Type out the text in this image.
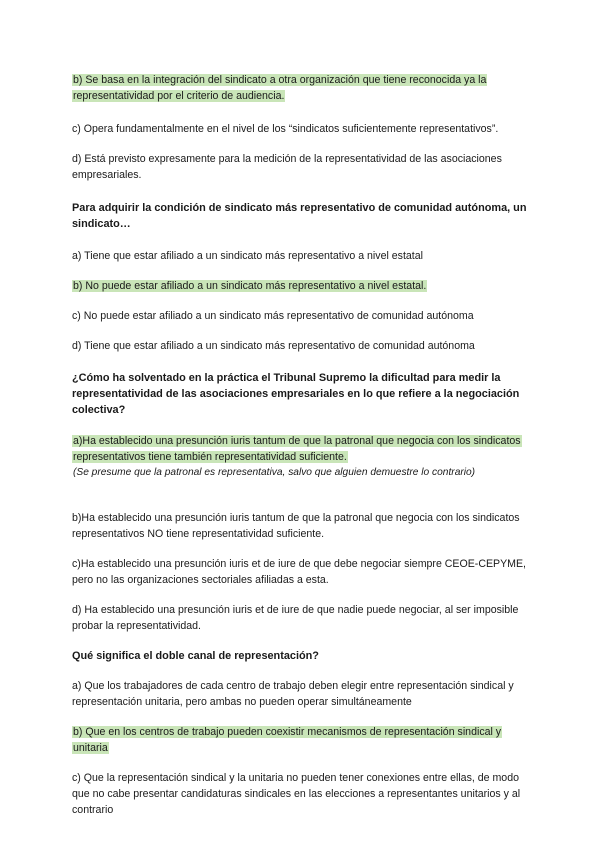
b) Se basa en la integración del sindicato a otra organización que tiene reconocida ya la representatividad por el criterio de audiencia.

c) Opera fundamentalmente en el nivel de los “sindicatos suficientemente representativos”.

d) Está previsto expresamente para la medición de la representatividad de las asociaciones empresariales.

Para adquirir la condición de sindicato más representativo de comunidad autónoma, un sindicato…

a) Tiene que estar afiliado a un sindicato más representativo a nivel estatal

b) No puede estar afiliado a un sindicato más representativo a nivel estatal.

c) No puede estar afiliado a un sindicato más representativo de comunidad autónoma

d) Tiene que estar afiliado a un sindicato más representativo de comunidad autónoma

¿Cómo ha solventado en la práctica el Tribunal Supremo la dificultad para medir la representatividad de las asociaciones empresariales en lo que refiere a la negociación colectiva?

a)Ha establecido una presunción iuris tantum de que la patronal que negocia con los sindicatos representativos tiene también representatividad suficiente.

(Se presume que la patronal es representativa, salvo que alguien demuestre lo contrario)

b)Ha establecido una presunción iuris tantum de que la patronal que negocia con los sindicatos representativos NO tiene representatividad suficiente.

c)Ha establecido una presunción iuris et de iure de que debe negociar siempre CEOE-CEPYME, pero no las organizaciones sectoriales afiliadas a esta.

d) Ha establecido una presunción iuris et de iure de que nadie puede negociar, al ser imposible probar la representatividad.

Qué significa el doble canal de representación?

a) Que los trabajadores de cada centro de trabajo deben elegir entre representación sindical y representación unitaria, pero ambas no pueden operar simultáneamente

b) Que en los centros de trabajo pueden coexistir mecanismos de representación sindical y unitaria

c) Que la representación sindical y la unitaria no pueden tener conexiones entre ellas, de modo que no cabe presentar candidaturas sindicales en las elecciones a representantes unitarios y al contrario
